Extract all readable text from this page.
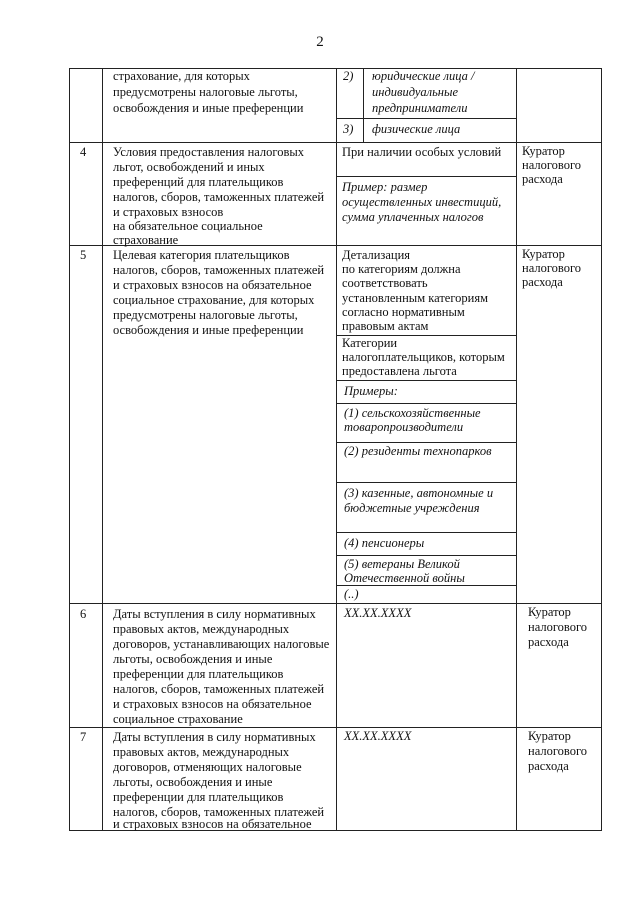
2
страхование, для которых
предусмотрены налоговые льготы,
освобождения и иные преференции
2) юридические лица /
индивидуальные
предприниматели
3) физические лица
4 Условия предоставления налоговых
льгот, освобождений и иных
преференций для плательщиков
налогов, сборов, таможенных платежей
и страховых взносов
на обязательное социальное
страхование
При наличии особых условий
Пример: размер
осуществленных инвестиций,
сумма уплаченных налогов
Куратор
налогового
расхода
5 Целевая категория плательщиков
налогов, сборов, таможенных платежей
и страховых взносов на обязательное
социальное страхование, для которых
предусмотрены налоговые льготы,
освобождения и иные преференции
Детализация
по категориям должна
соответствовать
установленным категориям
согласно нормативным
правовым актам
Категории
налогоплательщиков, которым
предоставлена льгота
Примеры:
(1) сельскохозяйственные
товаропроизводители
(2) резиденты технопарков
(3) казенные, автономные и
бюджетные учреждения
(4) пенсионеры
(5) ветераны Великой
Отечественной войны
(..)
Куратор
налогового
расхода
6 Даты вступления в силу нормативных
правовых актов, международных
договоров, устанавливающих налоговые
льготы, освобождения и иные
преференции для плательщиков
налогов, сборов, таможенных платежей
и страховых взносов на обязательное
социальное страхование
XX.XX.XXXX	Куратор
налогового
расхода
7 Даты вступления в силу нормативных
правовых актов, международных
договоров, отменяющих налоговые
льготы, освобождения и иные
преференции для плательщиков
налогов, сборов, таможенных платежей
и страховых взносов на обязательное
XX.XX.XXXX	Куратор
налогового
расхода
